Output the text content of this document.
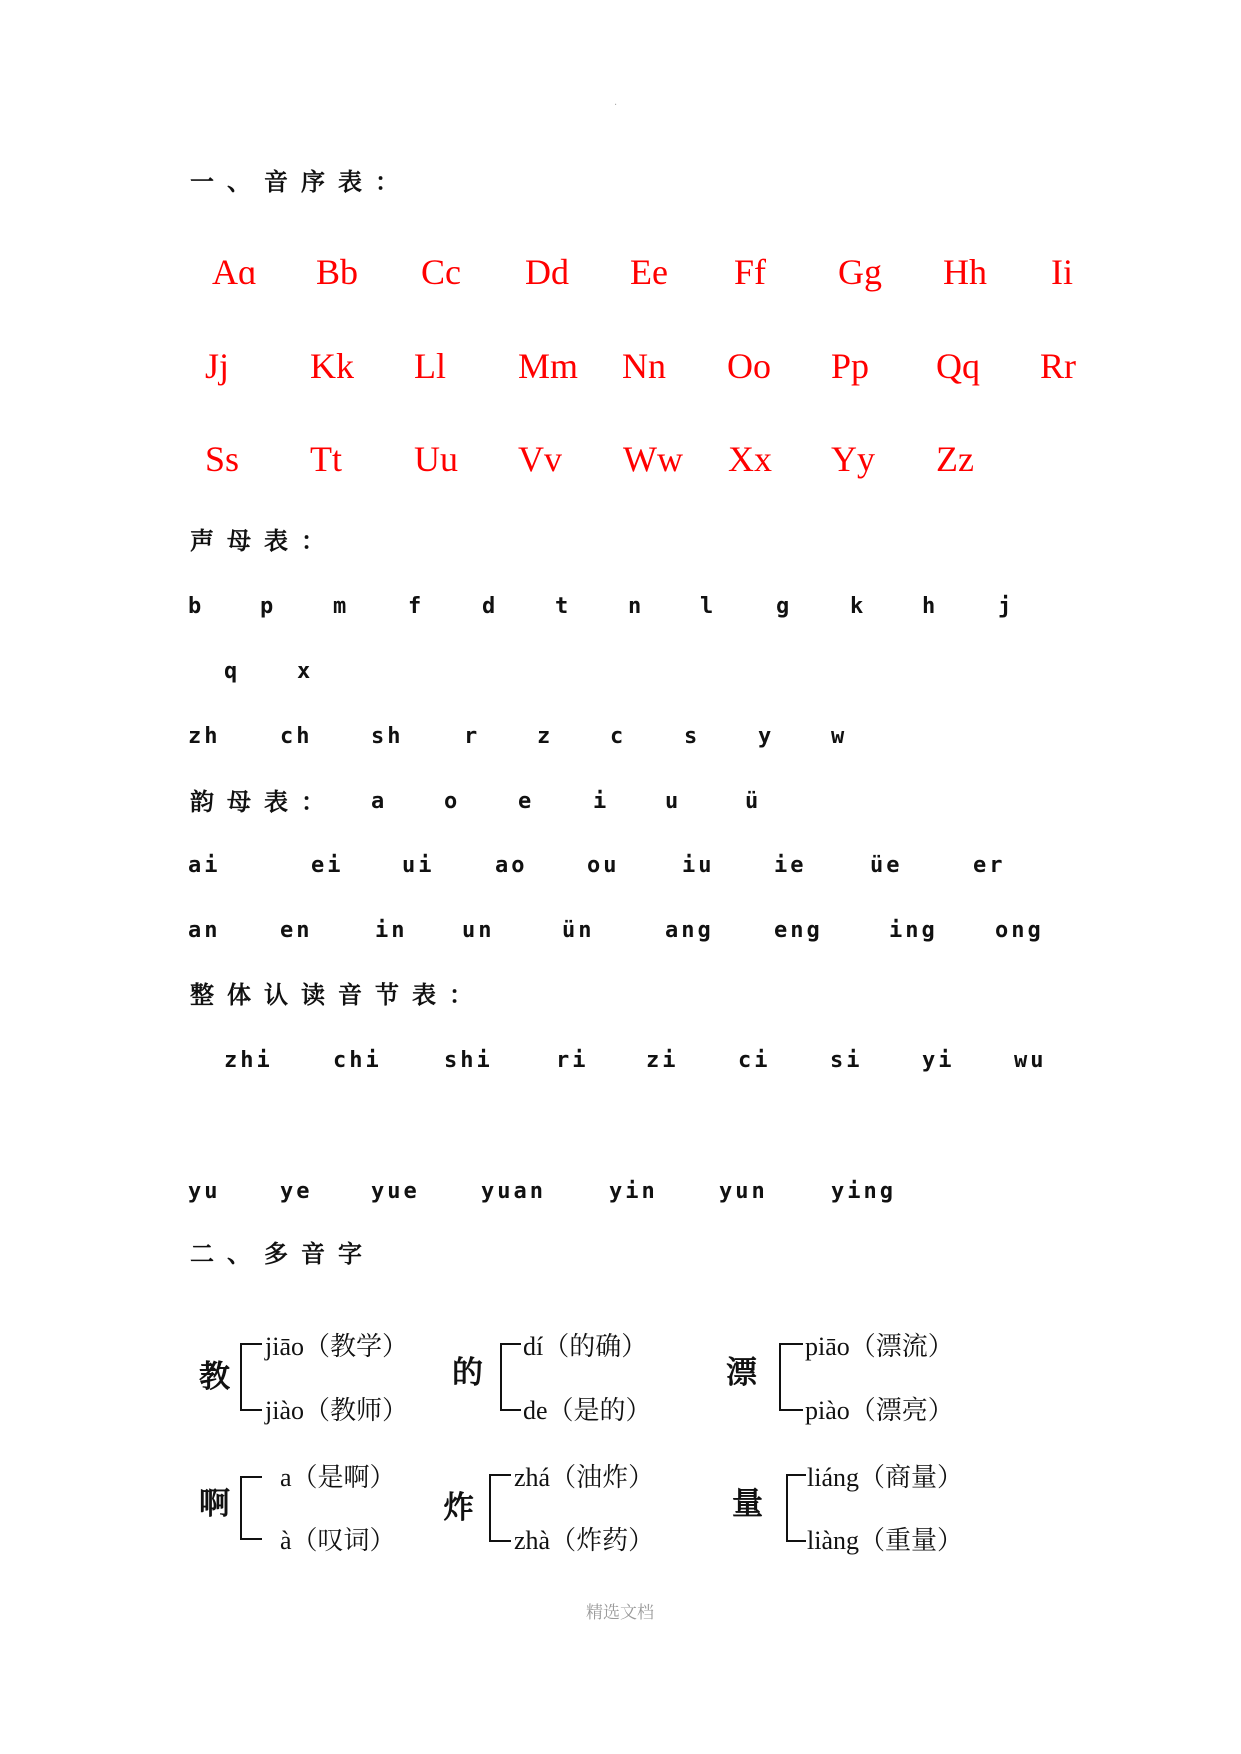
.
一、音序表：
Aɑ Bb Cc Dd Ee Ff Gg Hh Ii
Jj Kk Ll Mm Nn Oo Pp Qq Rr
Ss Tt Uu Vv Ww Xx Yy Zz
声母表：
b	p	m	f	d	t	n	l	g	k	h	j
q	x
zh	ch	sh	r	z	c	s	y	w
韵母表： a	o	e	i	u	ü
ai	ei	ui	ao	ou	iu	ie	üe	er
an	en	in un	ün	ang	eng	ing	ong
整体认读音节表：
zhi	chi	shi	ri	zi	ci	si	yi	wu
yu	ye	yue	yuan	yin	yun	ying
二、多音字
教
jiāo（教学）
jiào（教师）
的
dí（的确）
de（是的）
漂
piāo（漂流）
piào（漂亮）
啊
a（是啊）
à（叹词）
炸
zhá（油炸）
zhà（炸药）
量
liáng（商量）
liàng（重量）
精选文档
